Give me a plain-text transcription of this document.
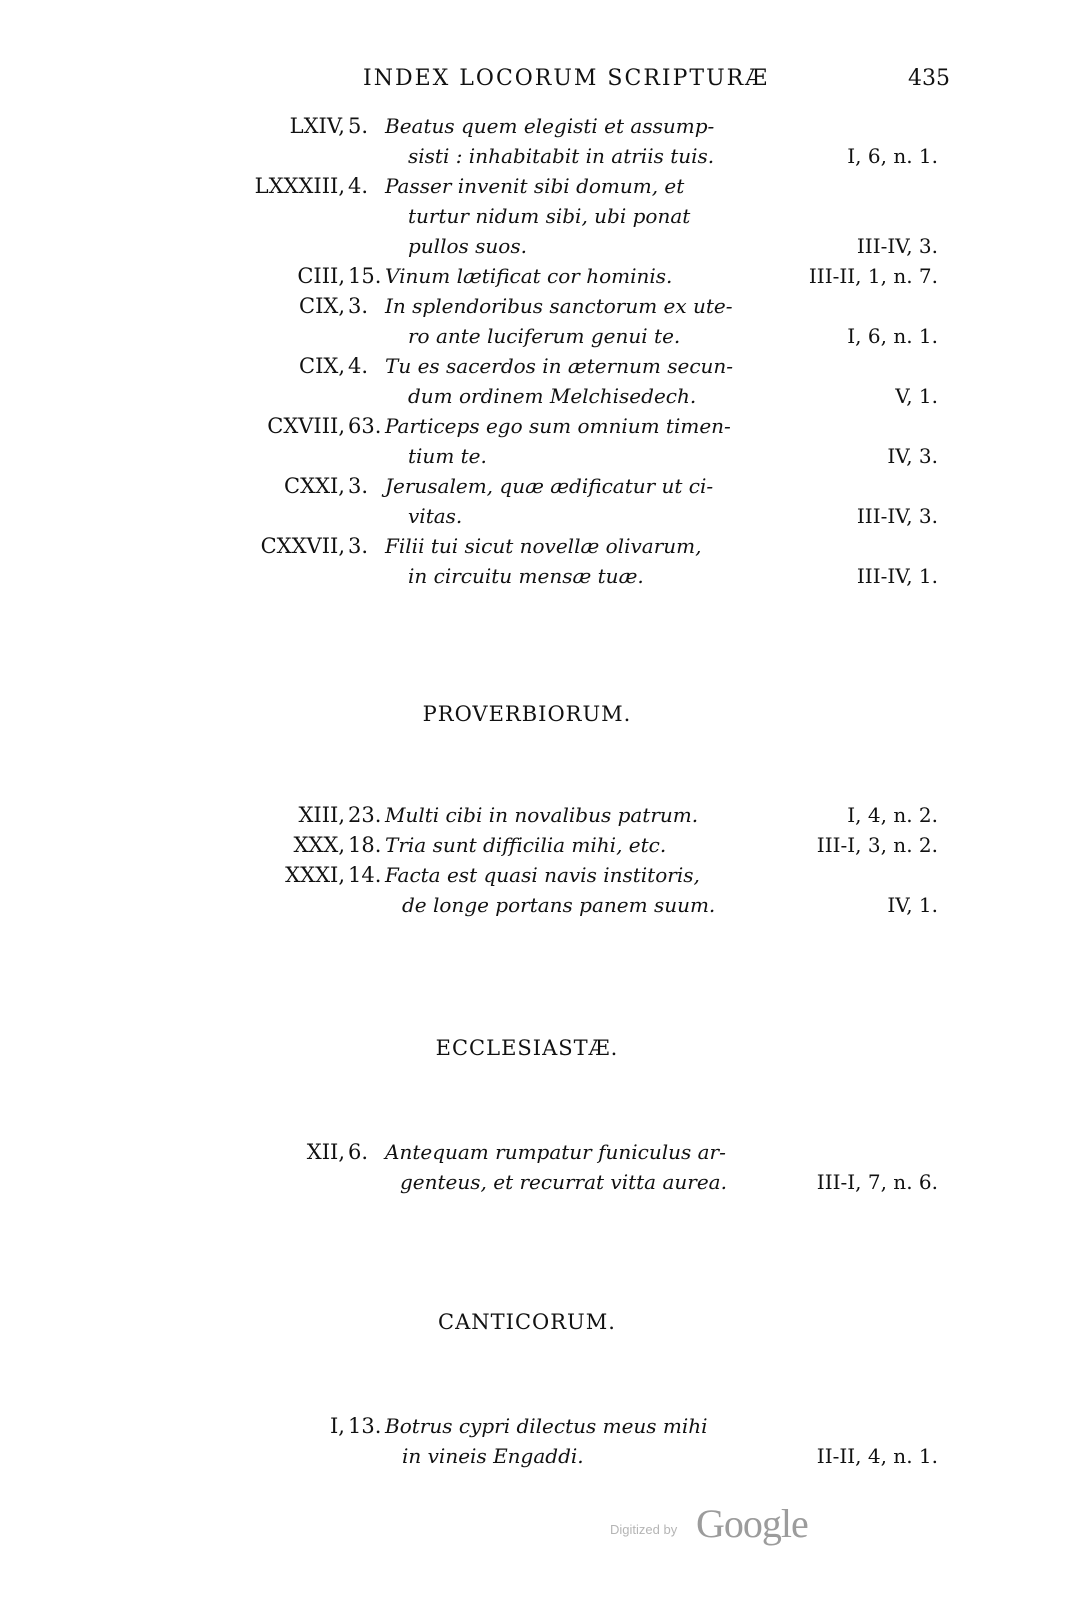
INDEX LOCORUM SCRIPTURÆ	435
LXIV, 5. Beatus quem elegisti et assump-
sisti : inhabitabit in atriis tuis.	I, 6, n. 1.
LXXXIII, 4. Passer invenit sibi domum, et
turtur nidum sibi, ubi ponat
pullos suos.	III-IV, 3.
CIII, 15. Vinum lætificat cor hominis.	III-II, 1, n. 7.
CIX, 3. In splendoribus sanctorum ex ute-
ro ante luciferum genui te.	I, 6, n. 1.
CIX, 4. Tu es sacerdos in æternum secun-
dum ordinem Melchisedech.	V, 1.
CXVIII, 63. Particeps ego sum omnium timen-
tium te.	IV, 3.
CXXI, 3. Jerusalem, quæ ædificatur ut ci-
vitas.	III-IV, 3.
CXXVII, 3. Filii tui sicut novellæ olivarum,
in circuitu mensæ tuæ.	III-IV, 1.
PROVERBIORUM.
XIII, 23. Multi cibi in novalibus patrum.	I, 4, n. 2.
XXX, 18. Tria sunt difficilia mihi, etc.	III-I, 3, n. 2.
XXXI, 14. Facta est quasi navis institoris,
de longe portans panem suum.	IV, 1.
ECCLESIASTÆ.
XII, 6. Antequam rumpatur funiculus ar-
genteus, et recurrat vitta aurea.	III-I, 7, n. 6.
CANTICORUM.
I, 13. Botrus cypri dilectus meus mihi
in vineis Engaddi.	II-II, 4, n. 1.
Digitized by Google
